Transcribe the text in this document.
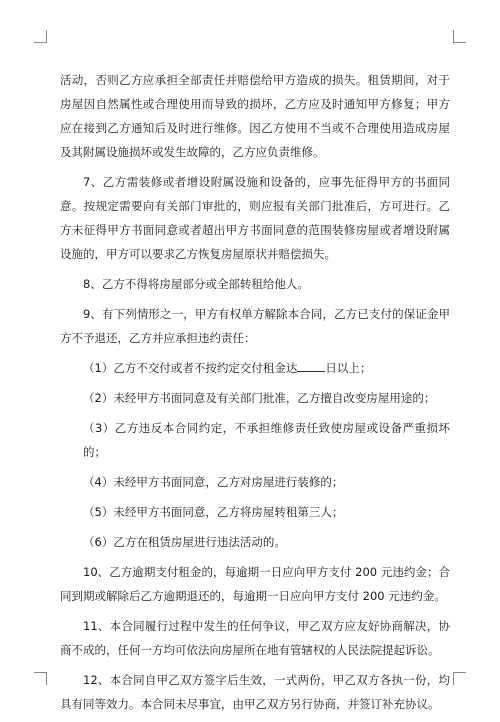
活动，否则乙方应承担全部责任并赔偿给甲方造成的损失。租赁期间，对于房屋因自然属性或合理使用而导致的损坏，乙方应及时通知甲方修复；甲方应在接到乙方通知后及时进行维修。因乙方使用不当或不合理使用造成房屋及其附属设施损坏或发生故障的，乙方应负责维修。

7、乙方需装修或者增设附属设施和设备的，应事先征得甲方的书面同意。按规定需要向有关部门审批的，则应报有关部门批准后，方可进行。乙方未征得甲方书面同意或者超出甲方书面同意的范围装修房屋或者增设附属设施的，甲方可以要求乙方恢复房屋原状并赔偿损失。

8、乙方不得将房屋部分或全部转租给他人。

9、有下列情形之一，甲方有权单方解除本合同，乙方已支付的保证金甲方不予退还，乙方并应承担违约责任：

（1）乙方不交付或者不按约定交付租金达 日以上；

（2）未经甲方书面同意及有关部门批准，乙方擅自改变房屋用途的；

（3）乙方违反本合同约定，不承担维修责任致使房屋或设备严重损坏的；

（4）未经甲方书面同意，乙方对房屋进行装修的；

（5）未经甲方书面同意，乙方将房屋转租第三人；

（6）乙方在租赁房屋进行违法活动的。

10、乙方逾期支付租金的，每逾期一日应向甲方支付 200 元违约金；合同到期或解除后乙方逾期退还的，每逾期一日应向甲方支付 200 元违约金。

11、本合同履行过程中发生的任何争议，甲乙双方应友好协商解决，协商不成的，任何一方均可依法向房屋所在地有管辖权的人民法院提起诉讼。

12、本合同自甲乙双方签字后生效，一式两份，甲乙双方各执一份，均具有同等效力。本合同未尽事宜，由甲乙双方另行协商，并签订补充协议。
